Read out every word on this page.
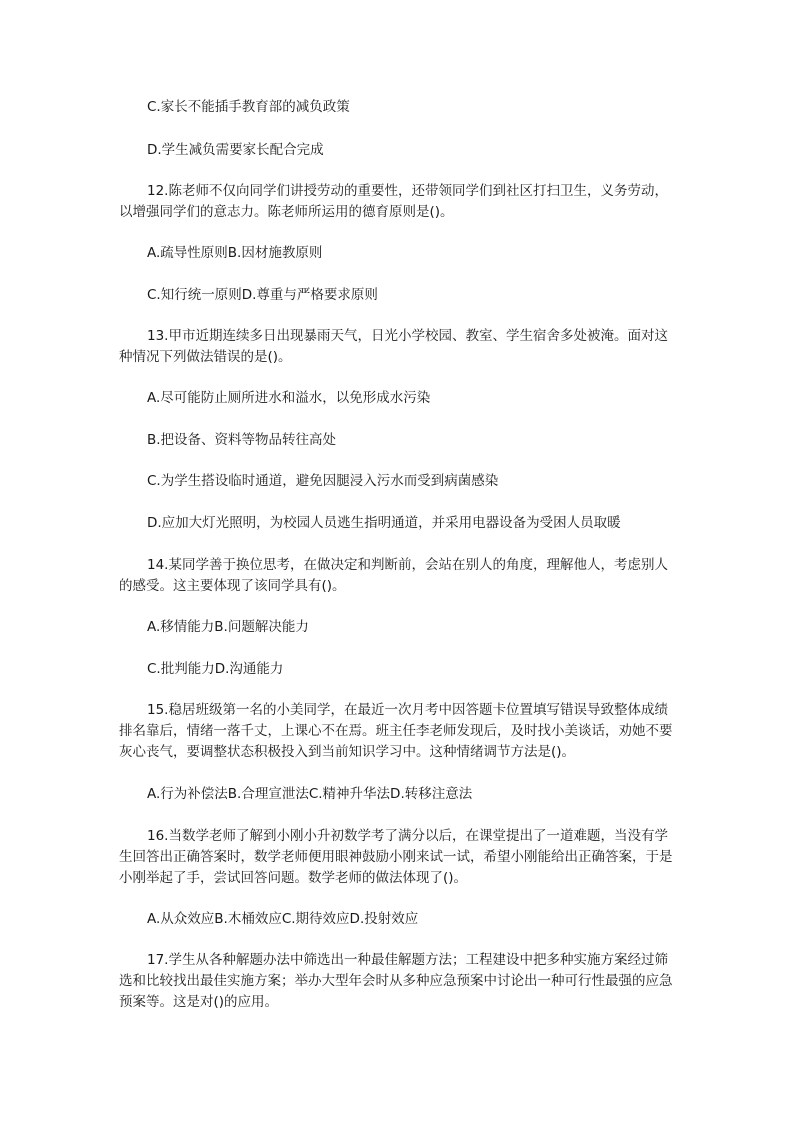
C.家长不能插手教育部的减负政策

D.学生减负需要家长配合完成

12.陈老师不仅向同学们讲授劳动的重要性，还带领同学们到社区打扫卫生，义务劳动，以增强同学们的意志力。陈老师所运用的德育原则是()。

A.疏导性原则B.因材施教原则

C.知行统一原则D.尊重与严格要求原则

13.甲市近期连续多日出现暴雨天气，日光小学校园、教室、学生宿舍多处被淹。面对这种情况下列做法错误的是()。

A.尽可能防止厕所进水和溢水，以免形成水污染

B.把设备、资料等物品转往高处

C.为学生搭设临时通道，避免因腿浸入污水而受到病菌感染

D.应加大灯光照明，为校园人员逃生指明通道，并采用电器设备为受困人员取暖

14.某同学善于换位思考，在做决定和判断前，会站在别人的角度，理解他人，考虑别人的感受。这主要体现了该同学具有()。

A.移情能力B.问题解决能力

C.批判能力D.沟通能力

15.稳居班级第一名的小美同学，在最近一次月考中因答题卡位置填写错误导致整体成绩排名靠后，情绪一落千丈，上课心不在焉。班主任李老师发现后，及时找小美谈话，劝她不要灰心丧气，要调整状态积极投入到当前知识学习中。这种情绪调节方法是()。

A.行为补偿法B.合理宣泄法C.精神升华法D.转移注意法

16.当数学老师了解到小刚小升初数学考了满分以后，在课堂提出了一道难题，当没有学生回答出正确答案时，数学老师便用眼神鼓励小刚来试一试，希望小刚能给出正确答案，于是小刚举起了手，尝试回答问题。数学老师的做法体现了()。

A.从众效应B.木桶效应C.期待效应D.投射效应

17.学生从各种解题办法中筛选出一种最佳解题方法；工程建设中把多种实施方案经过筛选和比较找出最佳实施方案；举办大型年会时从多种应急预案中讨论出一种可行性最强的应急预案等。这是对()的应用。
